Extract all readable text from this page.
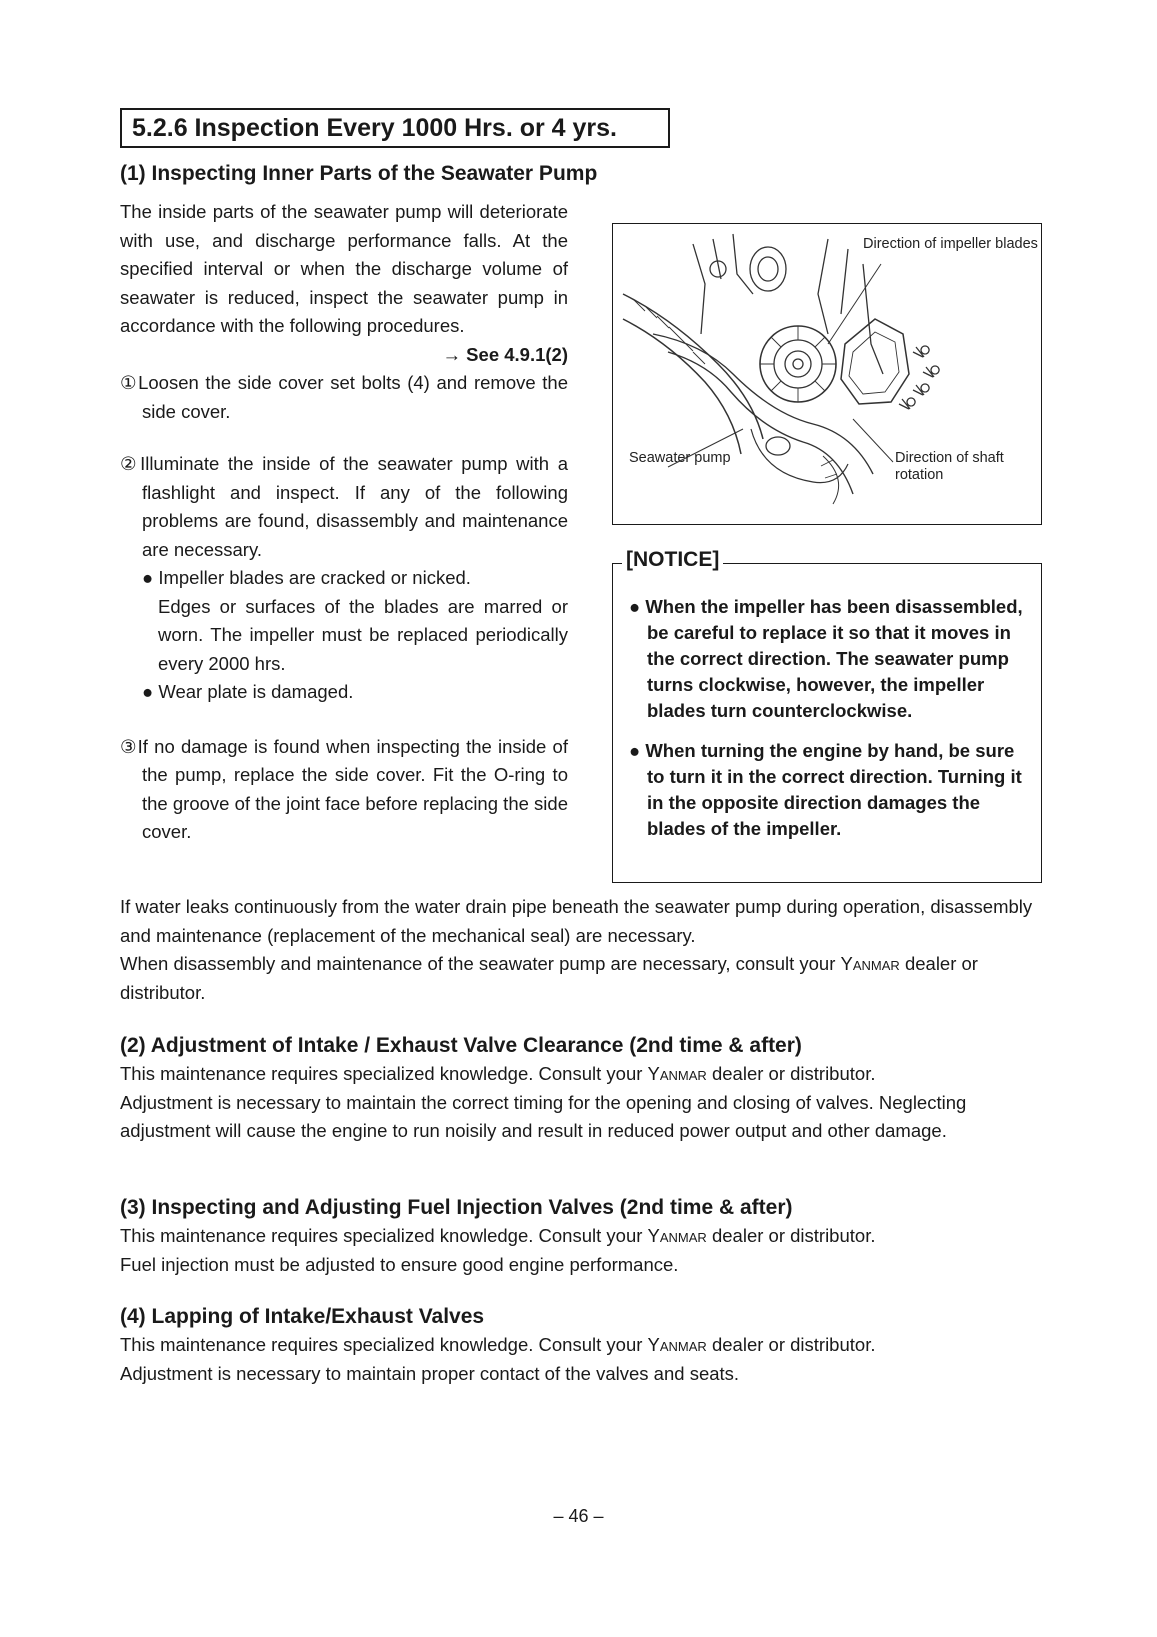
5.2.6 Inspection Every 1000 Hrs. or 4 yrs.
(1) Inspecting Inner Parts of the Seawater Pump
The inside parts of the seawater pump will deteriorate with use, and discharge performance falls. At the specified interval or when the discharge volume of seawater is reduced, inspect the seawater pump in accordance with the following procedures.
→ See 4.9.1(2)
①Loosen the side cover set bolts (4) and remove the side cover.
②Illuminate the inside of the seawater pump with a flashlight and inspect. If any of the following problems are found, disassembly and maintenance are necessary.
● Impeller blades are cracked or nicked.
Edges or surfaces of the blades are marred or worn. The impeller must be replaced periodically every 2000 hrs.
● Wear plate is damaged.
③If no damage is found when inspecting the inside of the pump, replace the side cover. Fit the O-ring to the groove of the joint face before replacing the side cover.
Direction of impeller blades
Seawater pump	Direction of shaft rotation
● When the impeller has been disassembled, be careful to replace it so that it moves in the correct direction. The seawater pump turns clockwise, however, the impeller blades turn counterclockwise.
● When turning the engine by hand, be sure to turn it in the correct direction. Turning it in the opposite direction damages the blades of the impeller.
[NOTICE]
If water leaks continuously from the water drain pipe beneath the seawater pump during operation, disassembly and maintenance (replacement of the mechanical seal) are necessary.
When disassembly and maintenance of the seawater pump are necessary, consult your Yanmar dealer or distributor.
(2) Adjustment of Intake / Exhaust Valve Clearance (2nd time & after)
This maintenance requires specialized knowledge. Consult your Yanmar dealer or distributor.
Adjustment is necessary to maintain the correct timing for the opening and closing of valves. Neglecting adjustment will cause the engine to run noisily and result in reduced power output and other damage.
(3) Inspecting and Adjusting Fuel Injection Valves (2nd time & after)
This maintenance requires specialized knowledge. Consult your Yanmar dealer or distributor.
Fuel injection must be adjusted to ensure good engine performance.
(4) Lapping of Intake/Exhaust Valves
This maintenance requires specialized knowledge. Consult your Yanmar dealer or distributor.
Adjustment is necessary to maintain proper contact of the valves and seats.
– 46 –
